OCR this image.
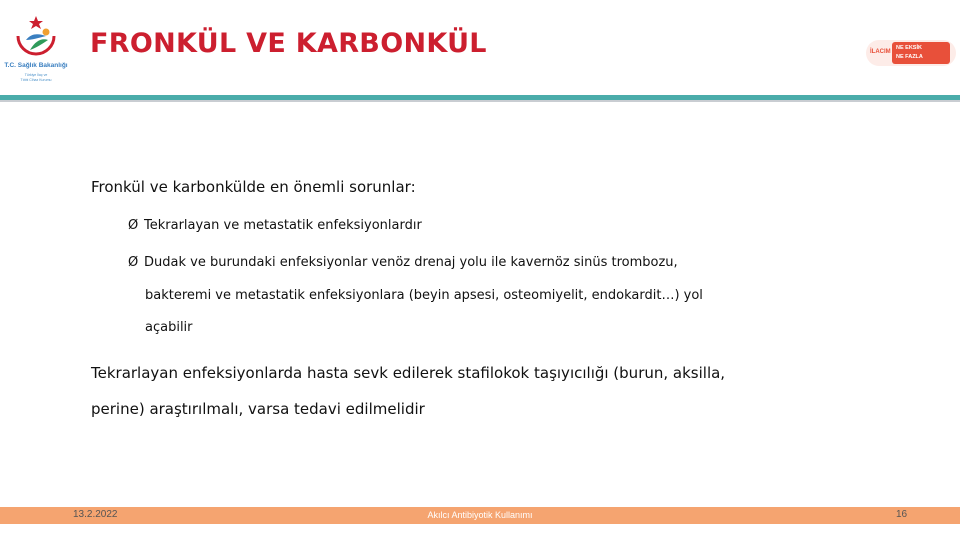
T.C. Sağlık Bakanlığı
Türkiye İlaç ve
Tıbbi Cihaz Kurumu
FRONKÜL VE KARBONKÜL	İLACIM
NE EKSİK
NE FAZLA
Fronkül ve karbonkülde en önemli sorunlar:
Ø Tekrarlayan ve metastatik enfeksiyonlardır
Ø Dudak ve burundaki enfeksiyonlar venöz drenaj yolu ile kavernöz sinüs trombozu,
bakteremi ve metastatik enfeksiyonlara (beyin apsesi, osteomiyelit, endokardit…) yol
açabilir
Tekrarlayan enfeksiyonlarda hasta sevk edilerek stafilokok taşıyıcılığı (burun, aksilla,
perine) araştırılmalı, varsa tedavi edilmelidir
13.2.2022	Akılcı Antibiyotik Kullanımı	16
